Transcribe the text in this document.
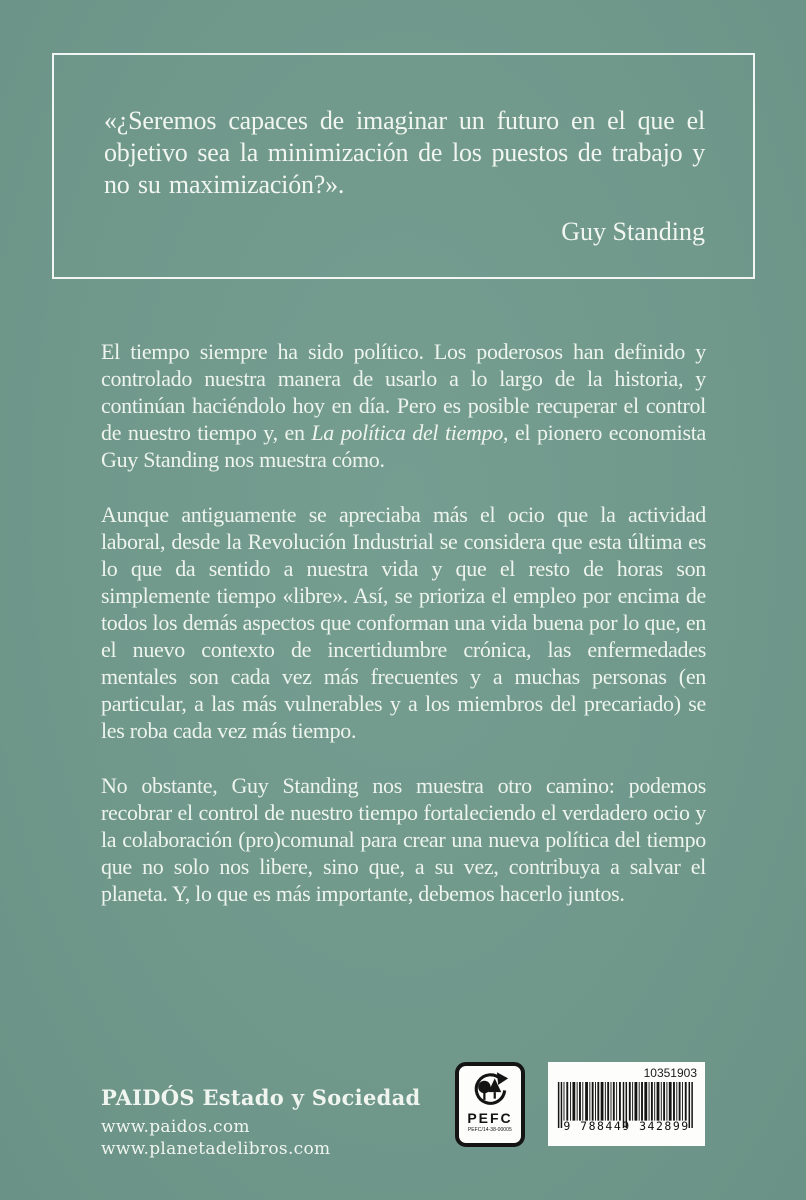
«¿Seremos capaces de imaginar un futuro en el que el objetivo sea la minimización de los puestos de trabajo y no su maximización?».

Guy Standing

El tiempo siempre ha sido político. Los poderosos han definido y controlado nuestra manera de usarlo a lo largo de la historia, y continúan haciéndolo hoy en día. Pero es posible recuperar el control de nuestro tiempo y, en La política del tiempo, el pionero economista Guy Standing nos muestra cómo.

Aunque antiguamente se apreciaba más el ocio que la actividad laboral, desde la Revolución Industrial se considera que esta última es lo que da sentido a nuestra vida y que el resto de horas son simplemente tiempo «libre». Así, se prioriza el empleo por encima de todos los demás aspectos que conforman una vida buena por lo que, en el nuevo contexto de incertidumbre crónica, las enfermedades mentales son cada vez más frecuentes y a muchas personas (en particular, a las más vulnerables y a los miembros del precariado) se les roba cada vez más tiempo.

No obstante, Guy Standing nos muestra otro camino: podemos recobrar el control de nuestro tiempo fortaleciendo el verdadero ocio y la colaboración (pro)comunal para crear una nueva política del tiempo que no solo nos libere, sino que, a su vez, contribuya a salvar el planeta. Y, lo que es más importante, debemos hacerlo juntos.

PAIDÓS Estado y Sociedad
www.paidos.com
www.planetadelibros.com
PEFC
PEFC/14-38-00005
10351903
9 788449 342899
